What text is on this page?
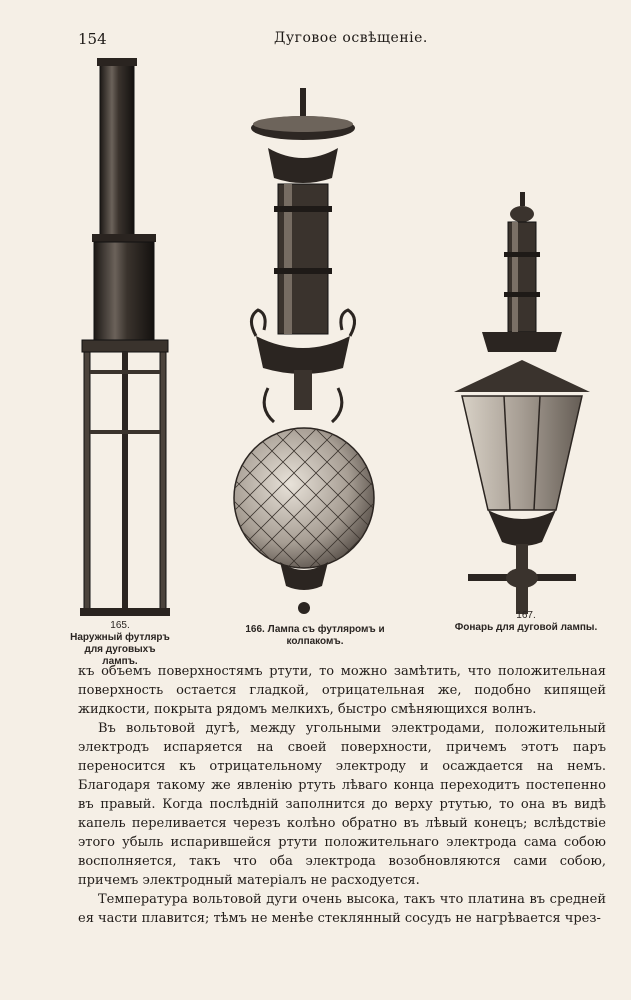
154	Дуговое освѣщеніе.
165.
Наружный футляръ для дуговыхъ лампъ.
166. Лампа съ футляромъ и колпакомъ.
167.
Фонарь для дуговой лампы.

къ объемъ поверхностямъ ртути, то можно замѣтить, что положительная поверхность остается гладкой, отрицательная же, подобно кипящей жидкости, покрыта рядомъ мелкихъ, быстро смѣняющихся волнъ.

Въ вольтовой дугѣ, между угольными электродами, положительный электродъ испаряется на своей поверхности, причемъ этотъ паръ переносится къ отрицательному электроду и осаждается на немъ. Благодаря такому же явленію ртуть лѣваго конца переходитъ постепенно въ правый. Когда послѣдній заполнится до верху ртутью, то она въ видѣ капель переливается черезъ колѣно обратно въ лѣвый конецъ; вслѣдствіе этого убыль испарившейся ртути положительнаго электрода сама собою восполняется, такъ что оба электрода возобновляются сами собою, причемъ электродный матеріалъ не расходуется.

Температура вольтовой дуги очень высока, такъ что платина въ средней ея части плавится; тѣмъ не менѣе стеклянный сосудъ не нагрѣвается чрез-
